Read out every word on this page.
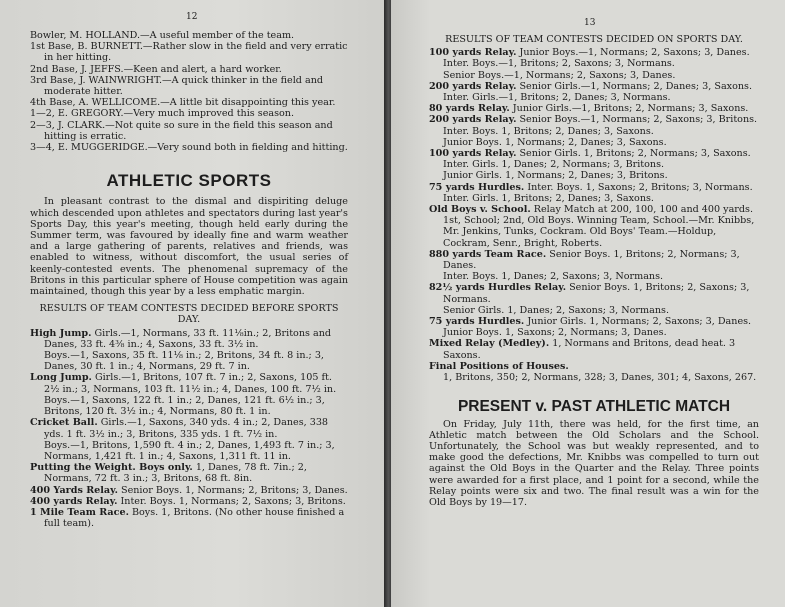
12

Bowler, M. HOLLAND.—A useful member of the team.

1st Base, B. BURNETT.—Rather slow in the field and very erratic in her hitting.

2nd Base, J. JEFFS.—Keen and alert, a hard worker.

3rd Base, J. WAINWRIGHT.—A quick thinker in the field and moderate hitter.

4th Base, A. WELLICOME.—A little bit disappointing this year.

1—2, E. GREGORY.—Very much improved this season.

2—3, J. CLARK.—Not quite so sure in the field this season and hitting is erratic.

3—4, E. MUGGERIDGE.—Very sound both in fielding and hitting.

ATHLETIC SPORTS

In pleasant contrast to the dismal and dispiriting deluge which descended upon athletes and spectators during last year's Sports Day, this year's meeting, though held early during the Summer term, was favoured by ideally fine and warm weather and a large gathering of parents, relatives and friends, was enabled to witness, without discomfort, the usual series of keenly-contested events. The phenomenal supremacy of the Britons in this particular sphere of House competition was again maintained, though this year by a less emphatic margin.

RESULTS OF TEAM CONTESTS DECIDED BEFORE SPORTS DAY.

High Jump. Girls.—1, Normans, 33 ft. 11⅛in.; 2, Britons and Danes, 33 ft. 4⅜ in.; 4, Saxons, 33 ft. 3½ in.

Boys.—1, Saxons, 35 ft. 11⅛ in.; 2, Britons, 34 ft. 8 in.; 3, Danes, 30 ft. 1 in.; 4, Normans, 29 ft. 7 in.

Long Jump. Girls.—1, Britons, 107 ft. 7 in.; 2, Saxons, 105 ft. 2½ in.; 3, Normans, 103 ft. 11½ in.; 4, Danes, 100 ft. 7½ in.

Boys.—1, Saxons, 122 ft. 1 in.; 2, Danes, 121 ft. 6½ in.; 3, Britons, 120 ft. 3½ in.; 4, Normans, 80 ft. 1 in.

Cricket Ball. Girls.—1, Saxons, 340 yds. 4 in.; 2, Danes, 338 yds. 1 ft. 3½ in.; 3, Britons, 335 yds. 1 ft. 7½ in.

Boys.—1, Britons, 1,590 ft. 4 in.; 2, Danes, 1,493 ft. 7 in.; 3, Normans, 1,421 ft. 1 in.; 4, Saxons, 1,311 ft. 11 in.

Putting the Weight. Boys only. 1, Danes, 78 ft. 7in.; 2, Normans, 72 ft. 3 in.; 3, Britons, 68 ft. 8in.

400 Yards Relay. Senior Boys. 1, Normans; 2, Britons; 3, Danes.

400 yards Relay. Inter. Boys. 1, Normans; 2, Saxons; 3, Britons.

1 Mile Team Race. Boys. 1, Britons. (No other house finished a full team).

13
RESULTS OF TEAM CONTESTS DECIDED ON SPORTS DAY.

100 yards Relay. Junior Boys.—1, Normans; 2, Saxons; 3, Danes.

Inter. Boys.—1, Britons; 2, Saxons; 3, Normans.

Senior Boys.—1, Normans; 2, Saxons; 3, Danes.

200 yards Relay. Senior Girls.—1, Normans; 2, Danes; 3, Saxons.

Inter. Girls.—1, Britons; 2, Danes; 3, Normans.

80 yards Relay. Junior Girls.—1, Britons; 2, Normans; 3, Saxons.

200 yards Relay. Senior Boys.—1, Normans; 2, Saxons; 3, Britons.

Inter. Boys. 1, Britons; 2, Danes; 3, Saxons.

Junior Boys. 1, Normans; 2, Danes; 3, Saxons.

100 yards Relay. Senior Girls. 1, Britons; 2, Normans; 3, Saxons.

Inter. Girls. 1, Danes; 2, Normans; 3, Britons.

Junior Girls. 1, Normans; 2, Danes; 3, Britons.

75 yards Hurdles. Inter. Boys. 1, Saxons; 2, Britons; 3, Normans.

Inter. Girls. 1, Britons; 2, Danes; 3, Saxons.

Old Boys v. School. Relay Match at 200, 100, 100 and 400 yards. 1st, School; 2nd, Old Boys. Winning Team, School.—Mr. Knibbs, Mr. Jenkins, Tunks, Cockram. Old Boys' Team.—Holdup, Cockram, Senr., Bright, Roberts.

880 yards Team Race. Senior Boys. 1, Britons; 2, Normans; 3, Danes.

Inter. Boys. 1, Danes; 2, Saxons; 3, Normans.

82½ yards Hurdles Relay. Senior Boys. 1, Britons; 2, Saxons; 3, Normans.

Senior Girls. 1, Danes; 2, Saxons; 3, Normans.

75 yards Hurdles. Junior Girls. 1, Normans; 2, Saxons; 3, Danes.

Junior Boys. 1, Saxons; 2, Normans; 3, Danes.

Mixed Relay (Medley). 1, Normans and Britons, dead heat. 3 Saxons.

Final Positions of Houses.

1, Britons, 350; 2, Normans, 328; 3, Danes, 301; 4, Saxons, 267.

PRESENT v. PAST ATHLETIC MATCH

On Friday, July 11th, there was held, for the first time, an Athletic match between the Old Scholars and the School. Unfortunately, the School was but weakly represented, and to make good the defections, Mr. Knibbs was compelled to turn out against the Old Boys in the Quarter and the Relay. Three points were awarded for a first place, and 1 point for a second, while the Relay points were six and two. The final result was a win for the Old Boys by 19—17.
